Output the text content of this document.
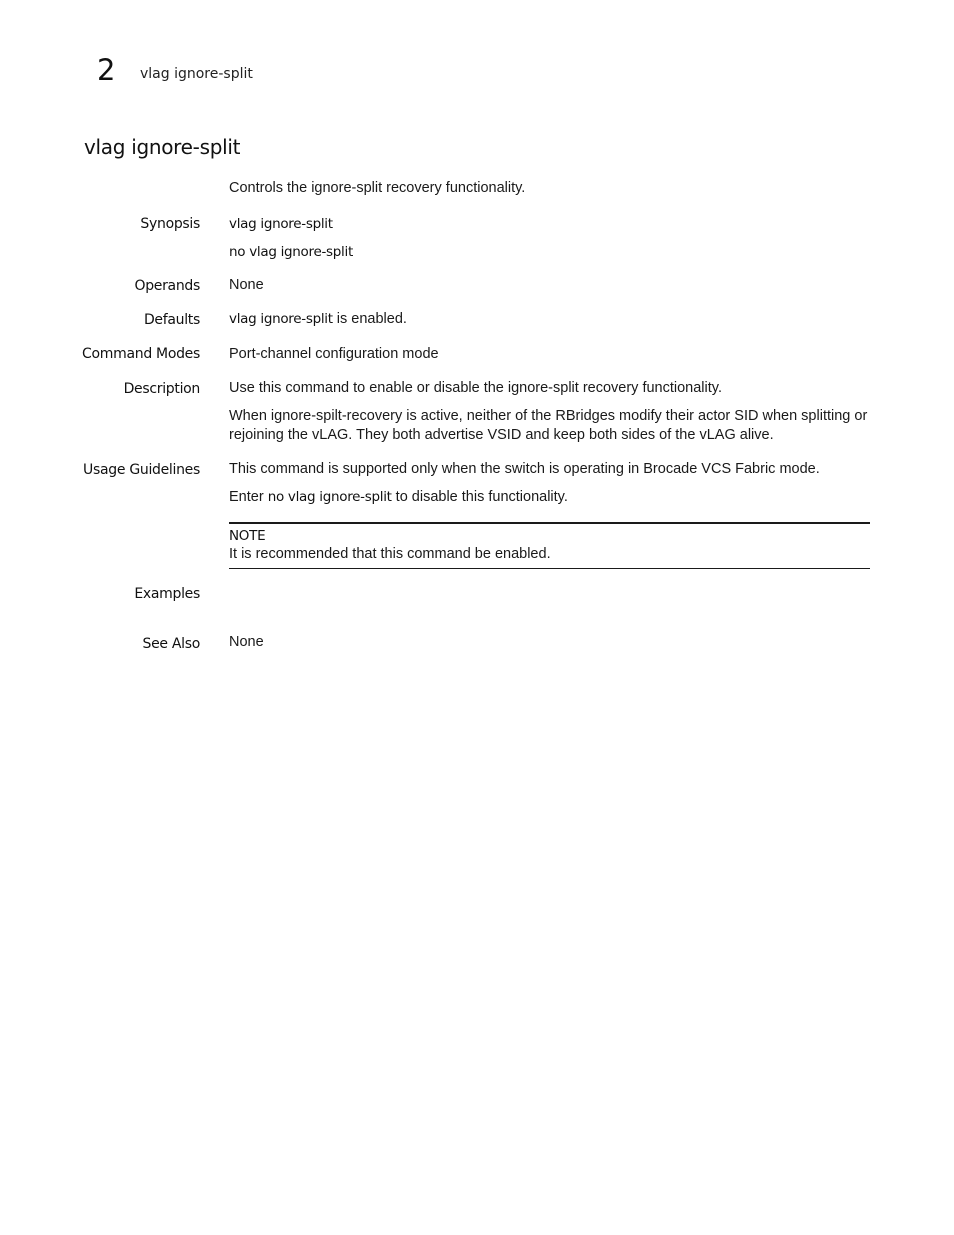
2 vlag ignore-split
vlag ignore-split
Controls the ignore-split recovery functionality.
Synopsis vlag ignore-split
no vlag ignore-split
Operands None
Defaults vlag ignore-split is enabled.
Command Modes Port-channel configuration mode
Description Use this command to enable or disable the ignore-split recovery functionality.
When ignore-spilt-recovery is active, neither of the RBridges modify their actor SID when splitting or rejoining the vLAG. They both advertise VSID and keep both sides of the vLAG alive.
Usage Guidelines This command is supported only when the switch is operating in Brocade VCS Fabric mode.
Enter no vlag ignore-split to disable this functionality.
NOTE
It is recommended that this command be enabled.
Examples
See Also None
